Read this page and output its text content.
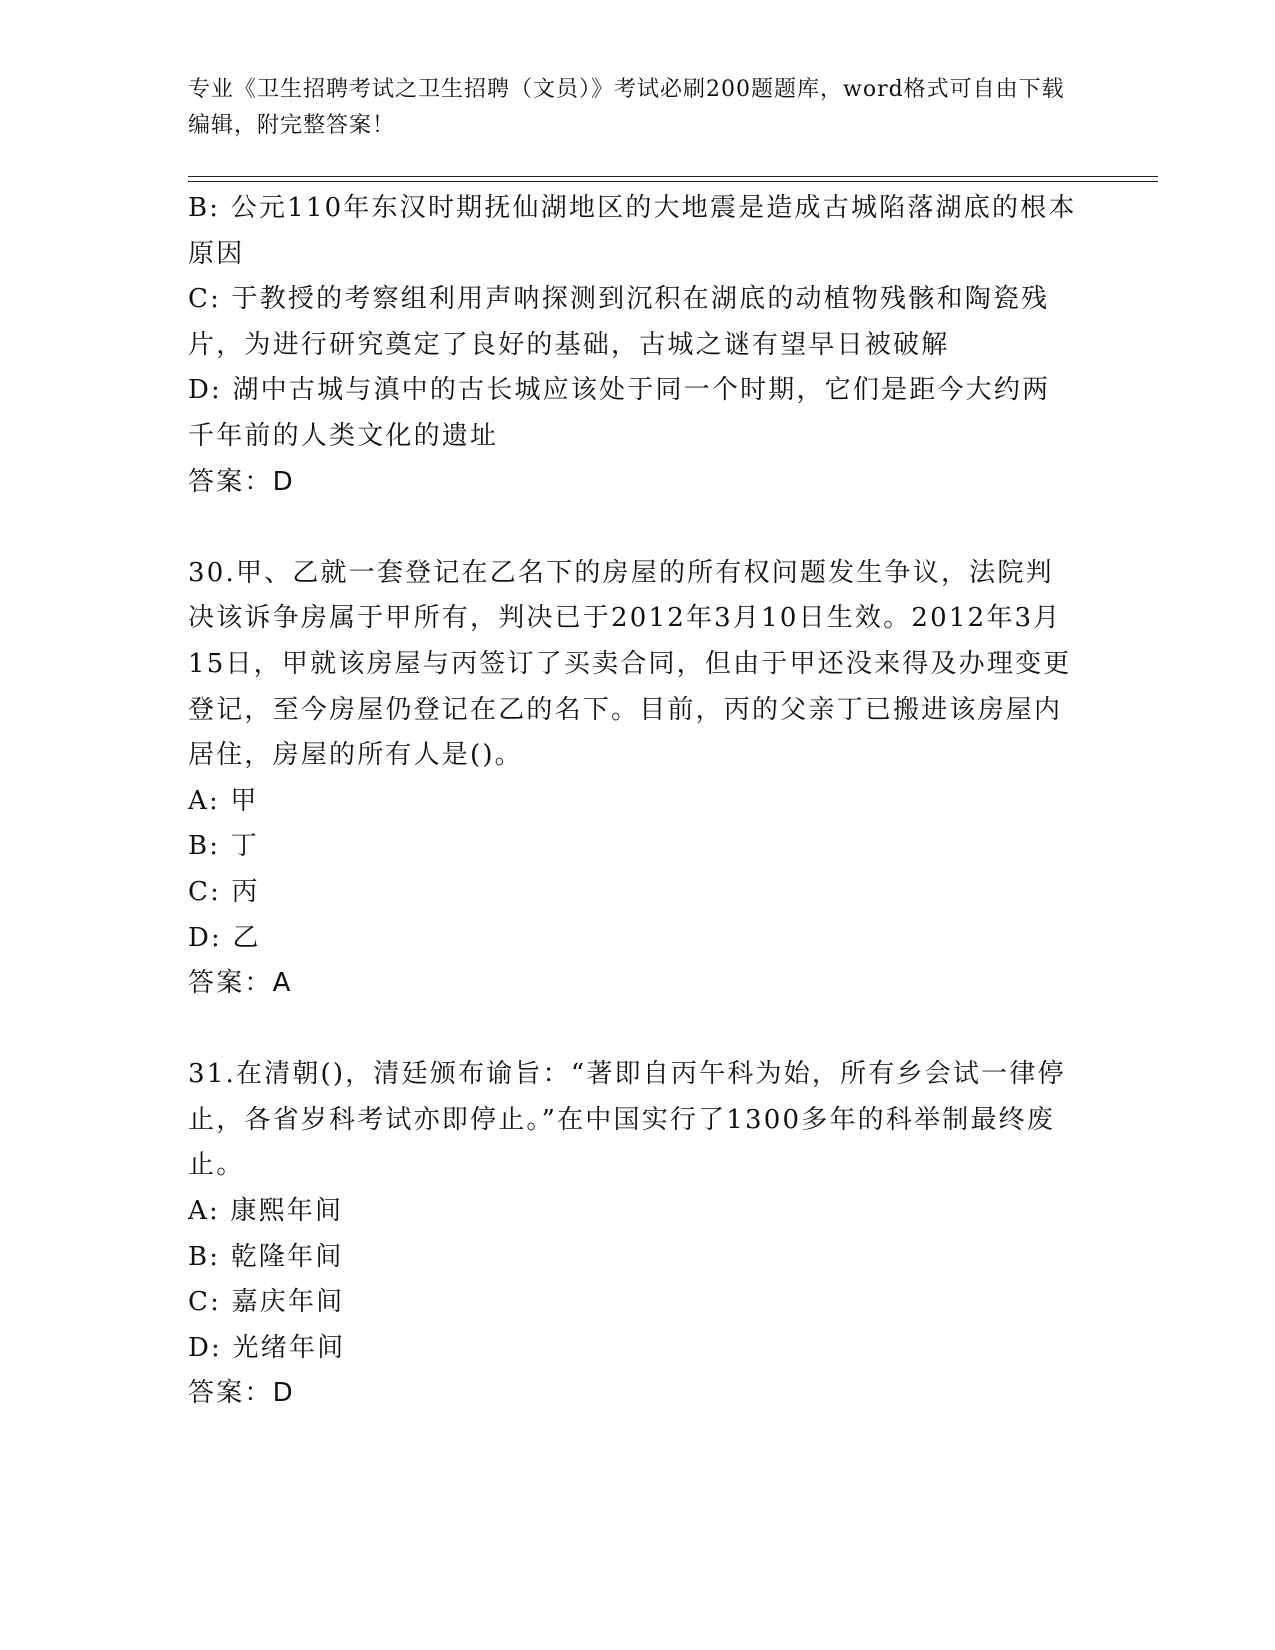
专业《卫生招聘考试之卫生招聘（文员）》考试必刷200题题库，word格式可自由下载编辑，附完整答案！
B: 公元110年东汉时期抚仙湖地区的大地震是造成古城陷落湖底的根本原因
C: 于教授的考察组利用声呐探测到沉积在湖底的动植物残骸和陶瓷残片，为进行研究奠定了良好的基础，古城之谜有望早日被破解
D: 湖中古城与滇中的古长城应该处于同一个时期，它们是距今大约两千年前的人类文化的遗址
答案：D
30.甲、乙就一套登记在乙名下的房屋的所有权问题发生争议，法院判决该诉争房属于甲所有，判决已于2012年3月10日生效。2012年3月15日，甲就该房屋与丙签订了买卖合同，但由于甲还没来得及办理变更登记，至今房屋仍登记在乙的名下。目前，丙的父亲丁已搬进该房屋内居住，房屋的所有人是()。
A: 甲
B: 丁
C: 丙
D: 乙
答案：A
31.在清朝()，清廷颁布谕旨：“著即自丙午科为始，所有乡会试一律停止，各省岁科考试亦即停止。”在中国实行了1300多年的科举制最终废止。
A: 康熙年间
B: 乾隆年间
C: 嘉庆年间
D: 光绪年间
答案：D
